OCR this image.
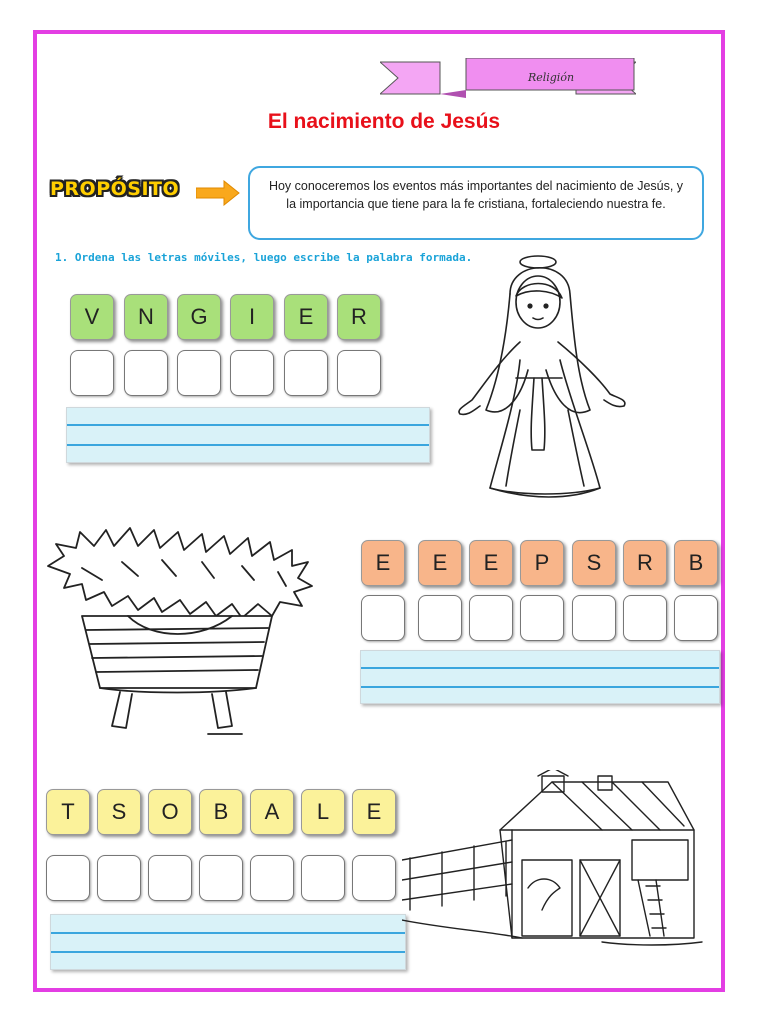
Religión
El nacimiento de Jesús
PROPÓSITO	Hoy conoceremos los eventos más importantes del nacimiento de Jesús, y la importancia que tiene para la fe cristiana, fortaleciendo nuestra fe.
1. Ordena las letras móviles, luego escribe la palabra formada.
V	N	G	I	E	R
E	E	E	P	S	R	B
T	S	O	B	A	L	E
